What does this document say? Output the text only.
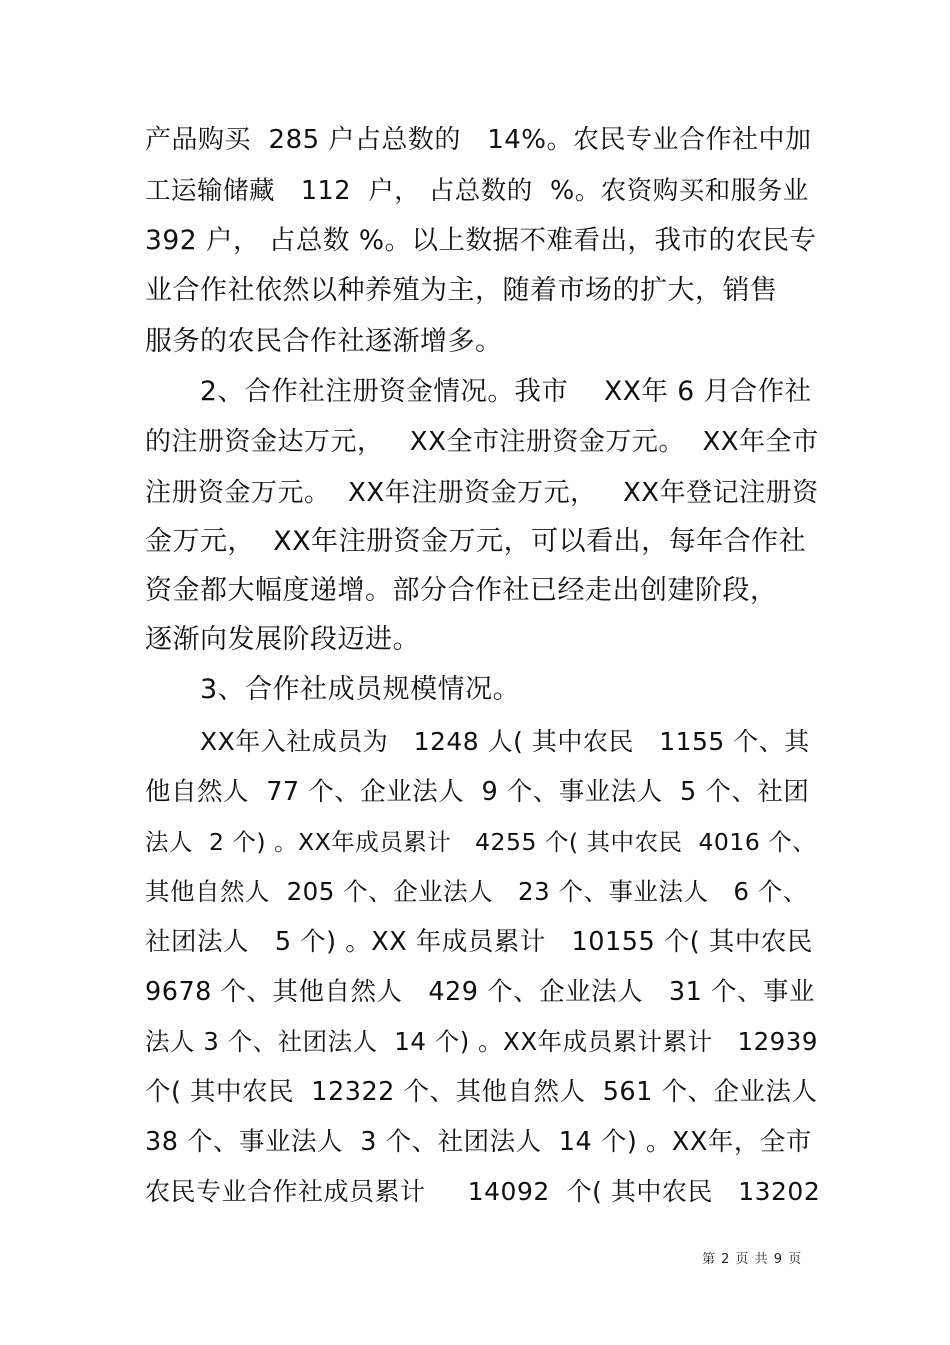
产品购买  285 户占总数的   14%。农民专业合作社中加
工运输储藏   112  户， 占总数的  %。农资购买和服务业
392 户， 占总数 %。以上数据不难看出，我市的农民专
业合作社依然以种养殖为主，随着市场的扩大，销售
服务的农民合作社逐渐增多。
2、合作社注册资金情况。我市    XX年 6 月合作社
的注册资金达万元，   XX全市注册资金万元。  XX年全市
注册资金万元。  XX年注册资金万元，   XX年登记注册资
金万元，  XX年注册资金万元，可以看出，每年合作社
资金都大幅度递增。部分合作社已经走出创建阶段，
逐渐向发展阶段迈进。
3、合作社成员规模情况。
XX年入社成员为   1248 人( 其中农民   1155 个、其
他自然人  77 个、企业法人  9 个、事业法人  5 个、社团
法人  2 个) 。XX年成员累计   4255 个( 其中农民  4016 个、
其他自然人  205 个、企业法人   23 个、事业法人   6 个、
社团法人   5 个) 。XX 年成员累计   10155 个( 其中农民
9678 个、其他自然人   429 个、企业法人   31 个、事业
法人 3 个、社团法人  14 个) 。XX年成员累计累计   12939
个( 其中农民  12322 个、其他自然人  561 个、企业法人
38 个、事业法人  3 个、社团法人  14 个) 。XX年，全市
农民专业合作社成员累计     14092  个( 其中农民   13202
第 2 页 共 9 页
